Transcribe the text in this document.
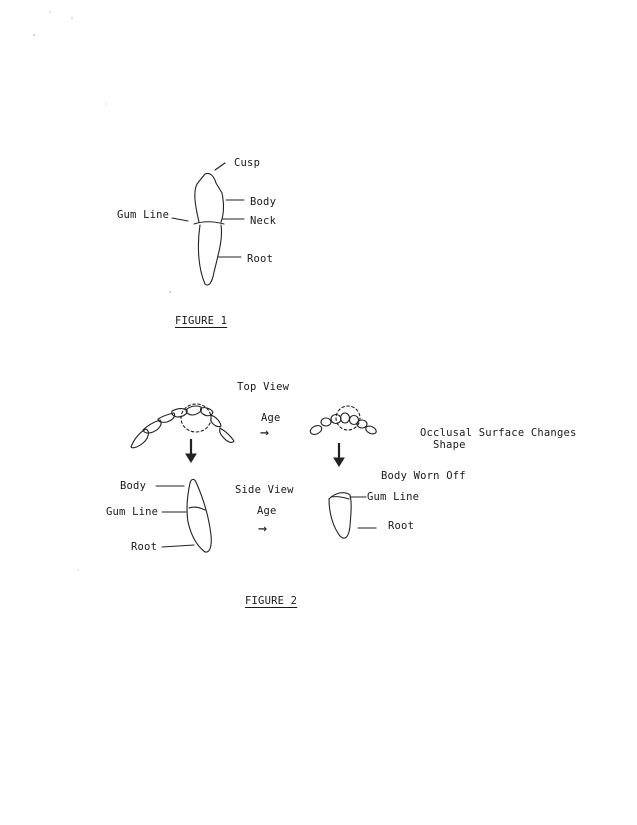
Cusp
Body
Gum Line	Neck
Root
FIGURE 1
Top View
Age
→	Occlusal Surface Changes
Shape
Body Worn Off
Body	Side View
Gum Line
Age
Gum Line
Root
→
Root
FIGURE 2
